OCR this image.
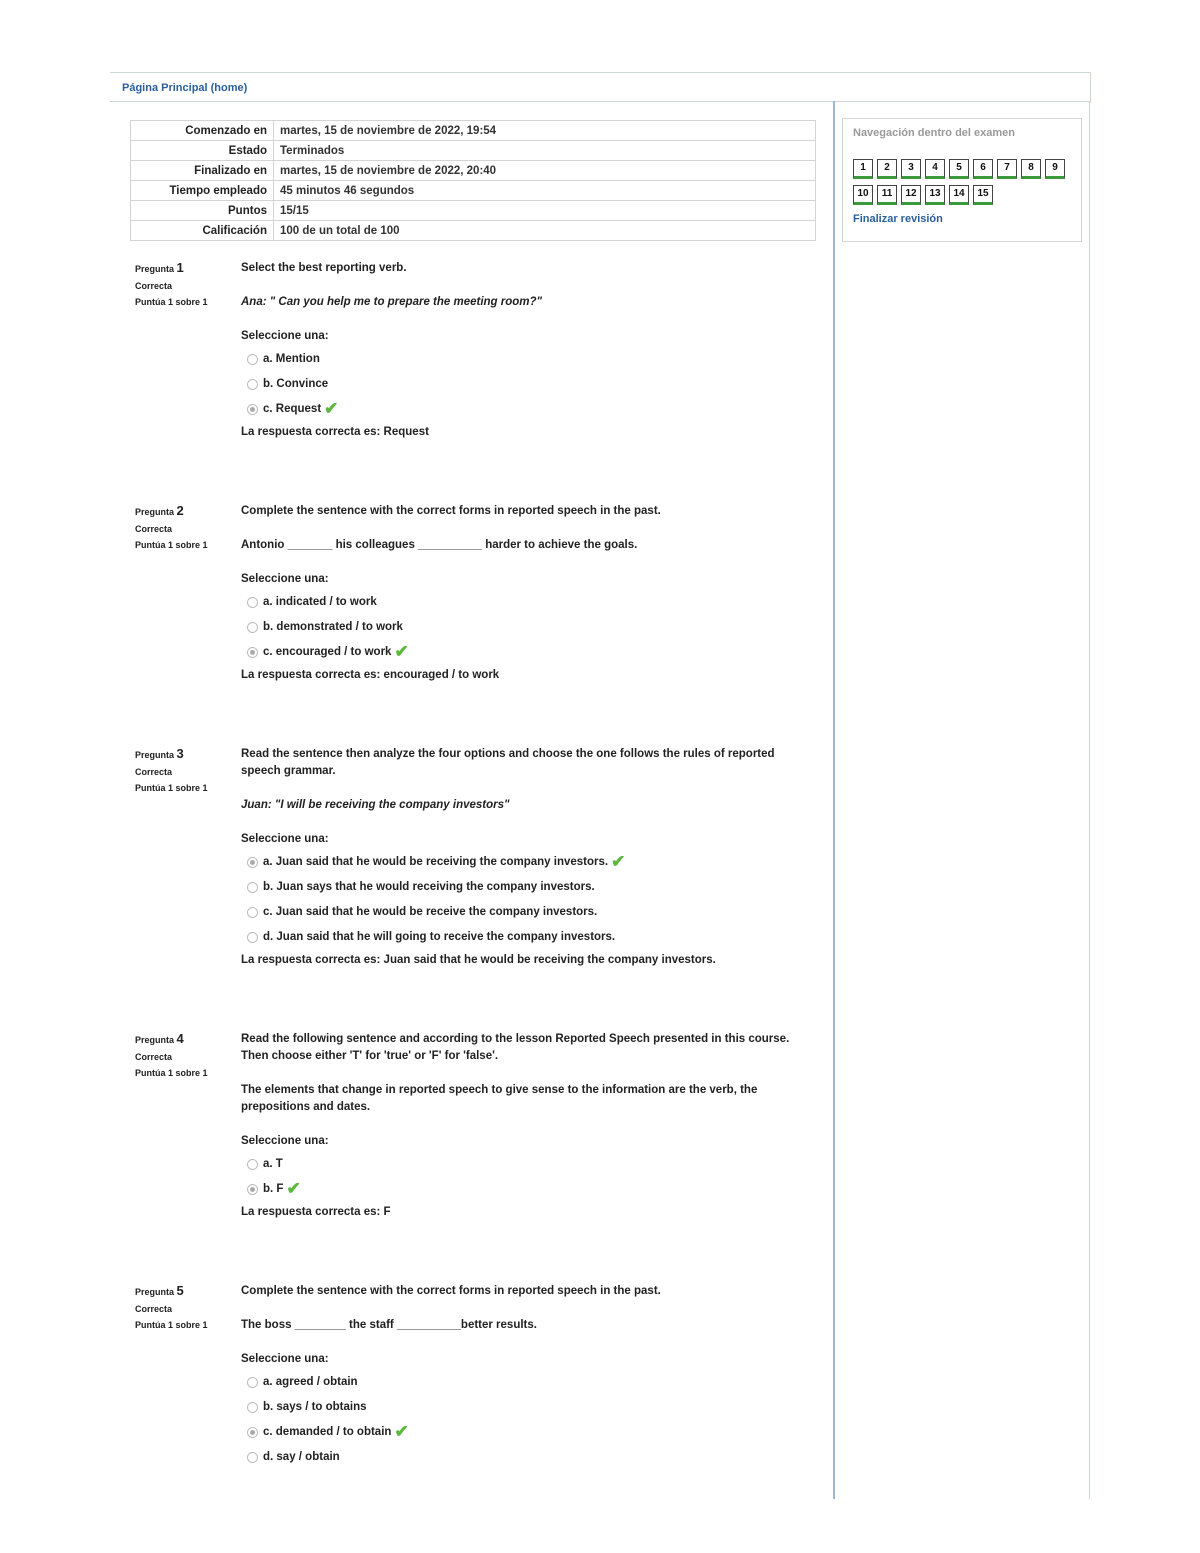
Página Principal (home)
Comenzado en	martes, 15 de noviembre de 2022, 19:54
Estado	Terminados
Finalizado en	martes, 15 de noviembre de 2022, 20:40
Tiempo empleado	45 minutos 46 segundos
Puntos	15/15
Calificación	100 de un total de 100
Navegación dentro del examen
1 2 3 4 5 6 7 8 9
10 11 12 13 14 15
Finalizar revisión
Pregunta 1
Correcta
Puntúa 1 sobre 1

Select the best reporting verb.

Ana: " Can you help me to prepare the meeting room?"

Seleccione una:
a. Mention
b. Convince
c. Request ✔

La respuesta correcta es: Request

Pregunta 2
Correcta
Puntúa 1 sobre 1

Complete the sentence with the correct forms in reported speech in the past.

Antonio _______ his colleagues __________ harder to achieve the goals.

Seleccione una:
a. indicated / to work
b. demonstrated / to work
c. encouraged / to work ✔

La respuesta correcta es: encouraged / to work

Pregunta 3
Correcta
Puntúa 1 sobre 1

Read the sentence then analyze the four options and choose the one follows the rules of reported speech grammar.

Juan: "I will be receiving the company investors"

Seleccione una:
a. Juan said that he would be receiving the company investors. ✔
b. Juan says that he would receiving the company investors.
c. Juan said that he would be receive the company investors.
d. Juan said that he will going to receive the company investors.

La respuesta correcta es: Juan said that he would be receiving the company investors.

Pregunta 4
Correcta
Puntúa 1 sobre 1

Read the following sentence and according to the lesson Reported Speech presented in this course. Then choose either 'T' for 'true' or 'F' for 'false'.

The elements that change in reported speech to give sense to the information are the verb, the prepositions and dates.

Seleccione una:
a. T
b. F ✔

La respuesta correcta es: F

Pregunta 5
Correcta
Puntúa 1 sobre 1

Complete the sentence with the correct forms in reported speech in the past.

The boss ________ the staff __________better results.

Seleccione una:
a. agreed / obtain
b. says / to obtains
c. demanded / to obtain ✔
d. say / obtain
